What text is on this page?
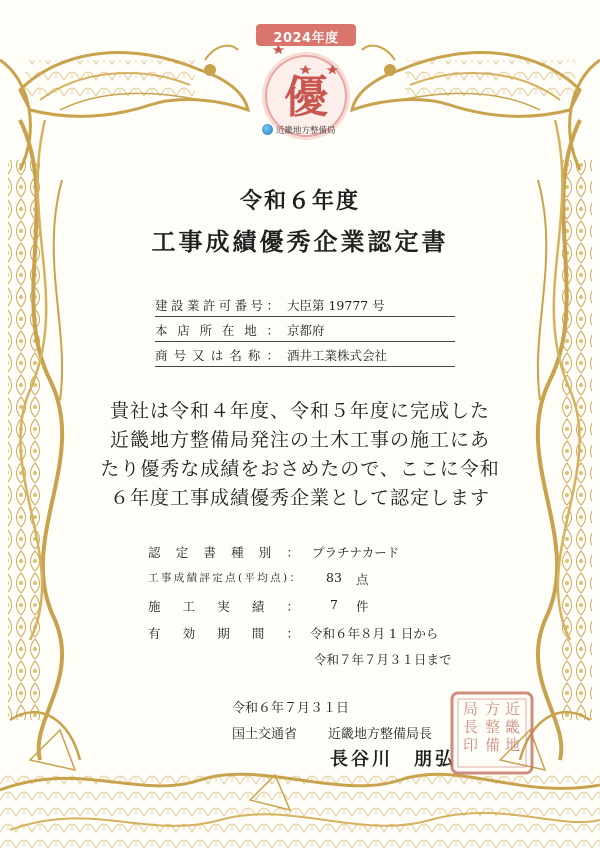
2024年度
優
近畿地方整備局
令和６年度
工事成績優秀企業認定書
建設業許可番号： 大臣第 19777 号
本店所在地： 京都府
商号又は名称： 酒井工業株式会社
貴社は令和４年度、令和５年度に完成した
近畿地方整備局発注の土木工事の施工にあ
たり優秀な成績をおさめたので、ここに令和
６年度工事成績優秀企業として認定します
認定書種別： プラチナカード
工事成績評定点(平均点)： 83 点
施工実績： 7 件
有効期間： 令和６年８月 1 日から
令和７年７月３１日まで
令和６年７月３１日
国土交通省 近畿地方整備局長
長谷川　朋弘
近
畿
地
方
整
備
局
長
印
